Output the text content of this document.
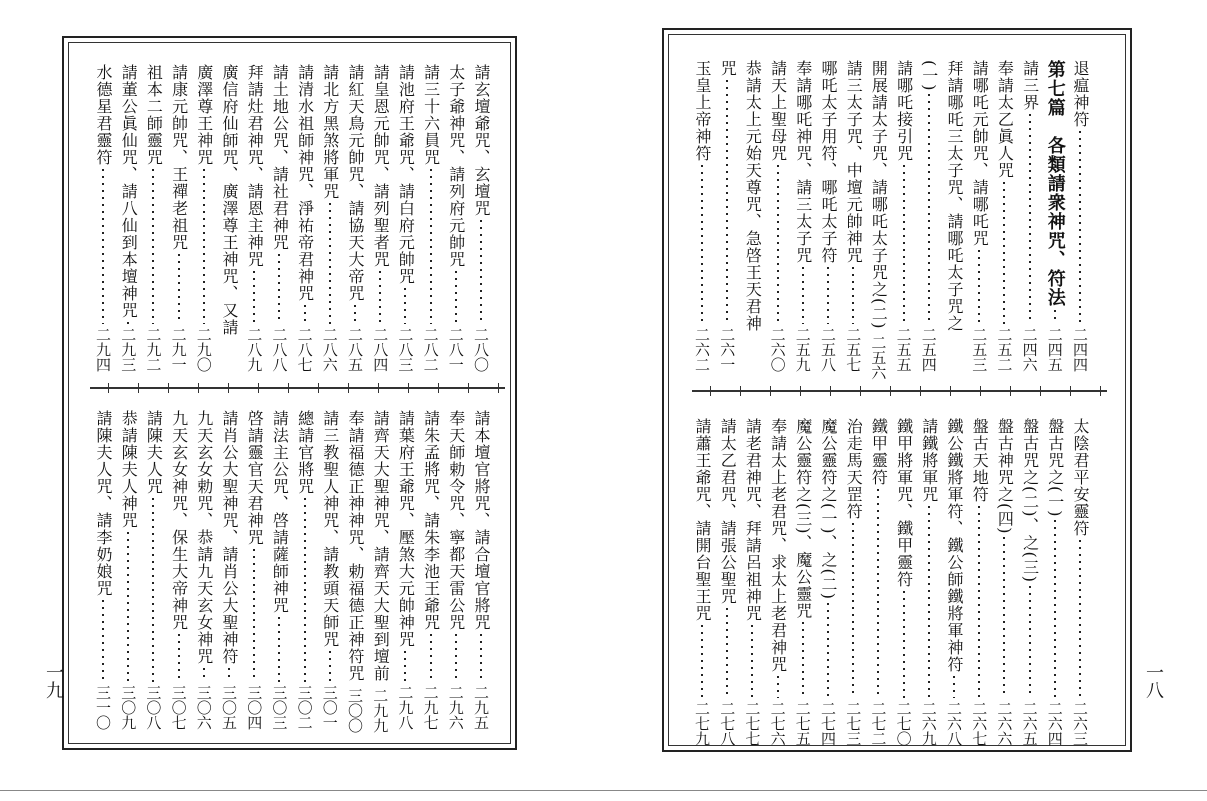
一九	一八
退瘟神符
二四四
第七篇　各類請衆神咒、符法
二四五
請三界
二四六
奉請太乙眞人咒
二五二
請哪吒元帥咒、請哪吒咒
二五三
拜請哪吒三太子咒、請哪吒太子咒之
(一)
二五四
請哪吒接引咒
二五五
開展請太子咒、請哪吒太子咒之(二)
二五六
請三太子咒、中壇元帥神咒
二五七
哪吒太子用符、哪吒太子符
二五八
奉請哪吒神咒、請三太子咒
二五九
請天上聖母咒
二六〇
恭請太上元始天尊咒、急啓王天君神
咒
二六一
玉皇上帝神符
二六二
太陰君平安靈符
二六三
盤古咒之(一)
二六四
盤古咒之(二)、之(三)
二六五
盤古神咒之(四)
二六六
盤古天地符
二六七
鐵公鐵將軍符、鐵公師鐵將軍神符
二六八
請鐵將軍咒
二六九
鐵甲將軍咒、鐵甲靈符
二七〇
鐵甲靈符
二七二
治走馬天罡符
二七三
魔公靈符之(一)、之(二)
二七四
魔公靈符之(三)、魔公靈咒
二七五
奉請太上老君咒、求太上老君神咒
二七六
請老君神咒、拜請呂祖神咒
二七七
請太乙君咒、請張公聖咒
二七八
請蕭王爺咒、請開台聖王咒
二七九
請玄壇爺咒、玄壇咒
二八〇
太子爺神咒、請列府元帥咒
二八一
請三十六員咒
二八二
請池府王爺咒、請白府元帥咒
二八三
請皇恩元帥咒、請列聖者咒
二八四
請紅天鳥元帥咒、請協天大帝咒
二八五
請北方黑煞將軍咒
二八六
請清水祖師神咒、淨祐帝君神咒
二八七
請土地公咒、請社君神咒
二八八
拜請灶君神咒、請恩主神咒
二八九
廣信府仙師咒、廣澤尊王神咒、又請
廣澤尊王神咒
二九〇
請康元帥咒、王禪老祖咒
二九一
祖本二師靈咒
二九二
請董公眞仙咒、請八仙到本壇神咒
二九三
水德星君靈符
二九四
請本壇官將咒、請合壇官將咒
二九五
奉天師勅令咒、寧都天雷公咒
二九六
請朱孟將咒、請朱李池王爺咒
二九七
請葉府王爺咒、壓煞大元帥神咒
二九八
請齊天大聖神咒、請齊天大聖到壇前
二九九
奉請福德正神神咒、勅福德正神符咒
三〇〇
請三教聖人神咒、請教頭天師咒
三〇一
總請官將咒
三〇二
請法主公咒、啓請薩師神咒
三〇三
啓請靈官天君神咒
三〇四
請肖公大聖神咒、請肖公大聖神符
三〇五
九天玄女勅咒、恭請九天玄女神咒
三〇六
九天玄女神咒、保生大帝神咒
三〇七
請陳夫人咒
三〇八
恭請陳夫人神咒
三〇九
請陳夫人咒、請李奶娘咒
三一〇
